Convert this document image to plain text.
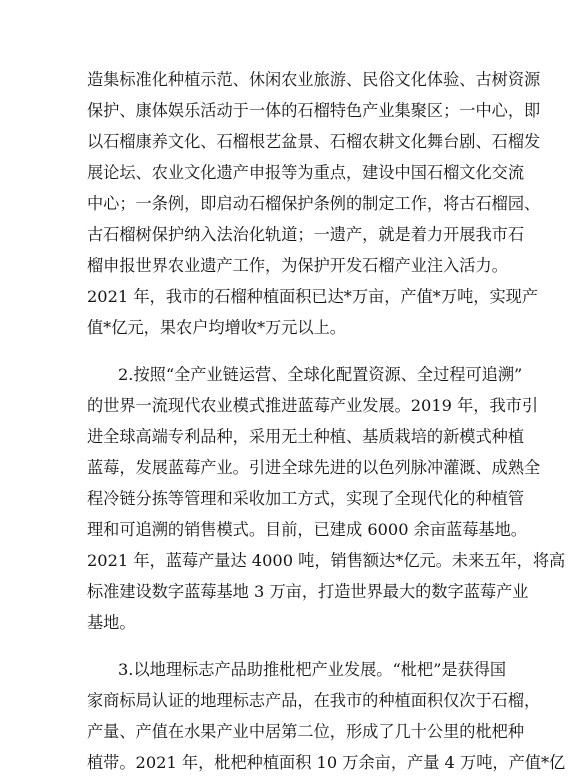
造集标准化种植示范、休闲农业旅游、民俗文化体验、古树资源
保护、康体娱乐活动于一体的石榴特色产业集聚区；一中心，即
以石榴康养文化、石榴根艺盆景、石榴农耕文化舞台剧、石榴发
展论坛、农业文化遗产申报等为重点，建设中国石榴文化交流
中心；一条例，即启动石榴保护条例的制定工作，将古石榴园、
古石榴树保护纳入法治化轨道；一遗产，就是着力开展我市石
榴申报世界农业遗产工作，为保护开发石榴产业注入活力。
2021 年，我市的石榴种植面积已达*万亩，产值*万吨，实现产
值*亿元，果农户均增收*万元以上。
2.按照“全产业链运营、全球化配置资源、全过程可追溯”
的世界一流现代农业模式推进蓝莓产业发展。2019 年，我市引
进全球高端专利品种，采用无土种植、基质栽培的新模式种植
蓝莓，发展蓝莓产业。引进全球先进的以色列脉冲灌溉、成熟全
程冷链分拣等管理和采收加工方式，实现了全现代化的种植管
理和可追溯的销售模式。目前，已建成 6000 余亩蓝莓基地。
2021 年，蓝莓产量达 4000 吨，销售额达*亿元。未来五年，将高
标准建设数字蓝莓基地 3 万亩，打造世界最大的数字蓝莓产业
基地。
3.以地理标志产品助推枇杷产业发展。“枇杷”是获得国
家商标局认证的地理标志产品，在我市的种植面积仅次于石榴，
产量、产值在水果产业中居第二位，形成了几十公里的枇杷种
植带。2021 年，枇杷种植面积 10 万余亩，产量 4 万吨，产值*亿
